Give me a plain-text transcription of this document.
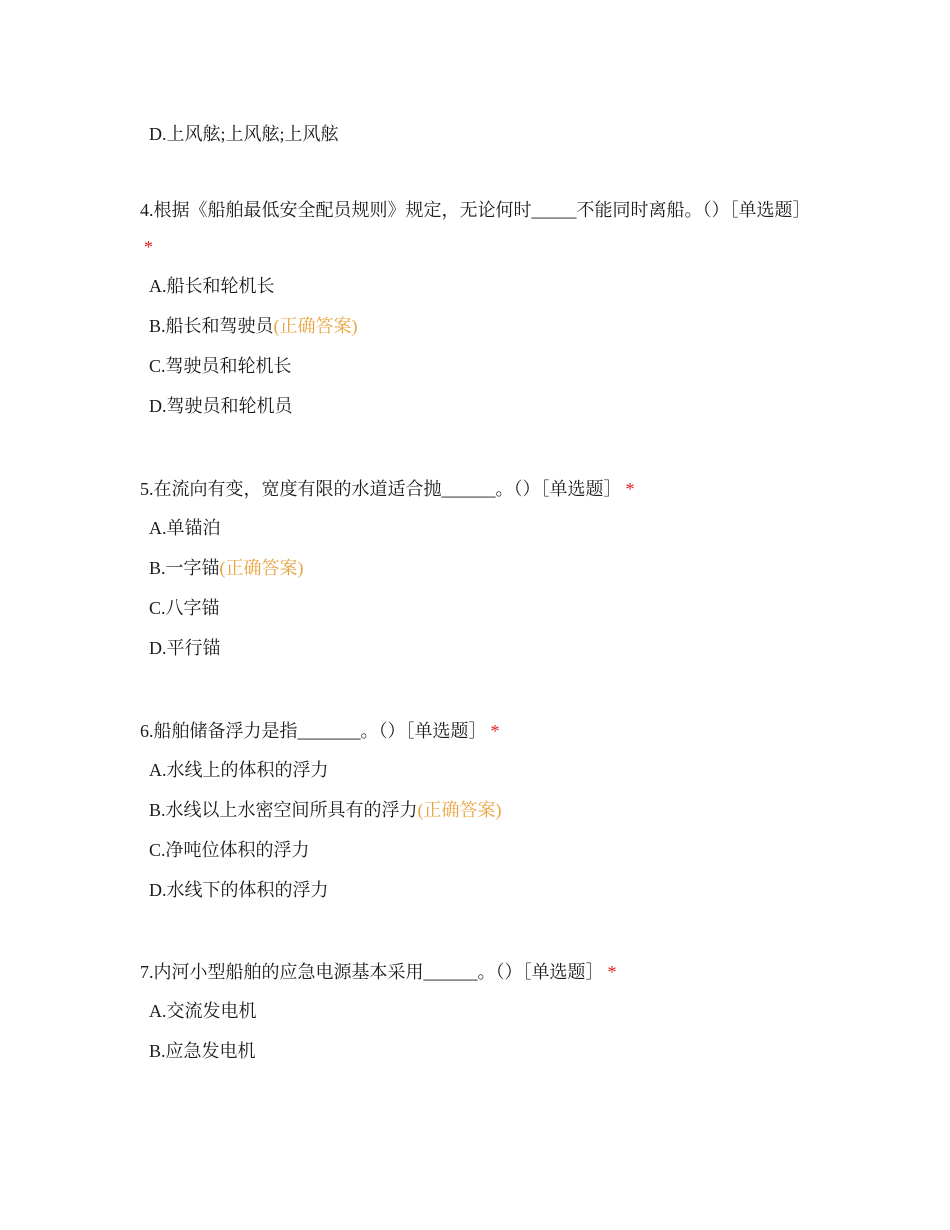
D.上风舷;上风舷;上风舷

4.根据《船舶最低安全配员规则》规定，无论何时_____不能同时离船。（）［单选题］*

A.船长和轮机长
B.船长和驾驶员(正确答案)
C.驾驶员和轮机长
D.驾驶员和轮机员

5.在流向有变，宽度有限的水道适合抛______。（）［单选题］ *

A.单锚泊
B.一字锚(正确答案)
C.八字锚
D.平行锚

6.船舶储备浮力是指_______。（）［单选题］ *

A.水线上的体积的浮力
B.水线以上水密空间所具有的浮力(正确答案)
C.净吨位体积的浮力
D.水线下的体积的浮力

7.内河小型船舶的应急电源基本采用______。（）［单选题］ *

A.交流发电机
B.应急发电机
